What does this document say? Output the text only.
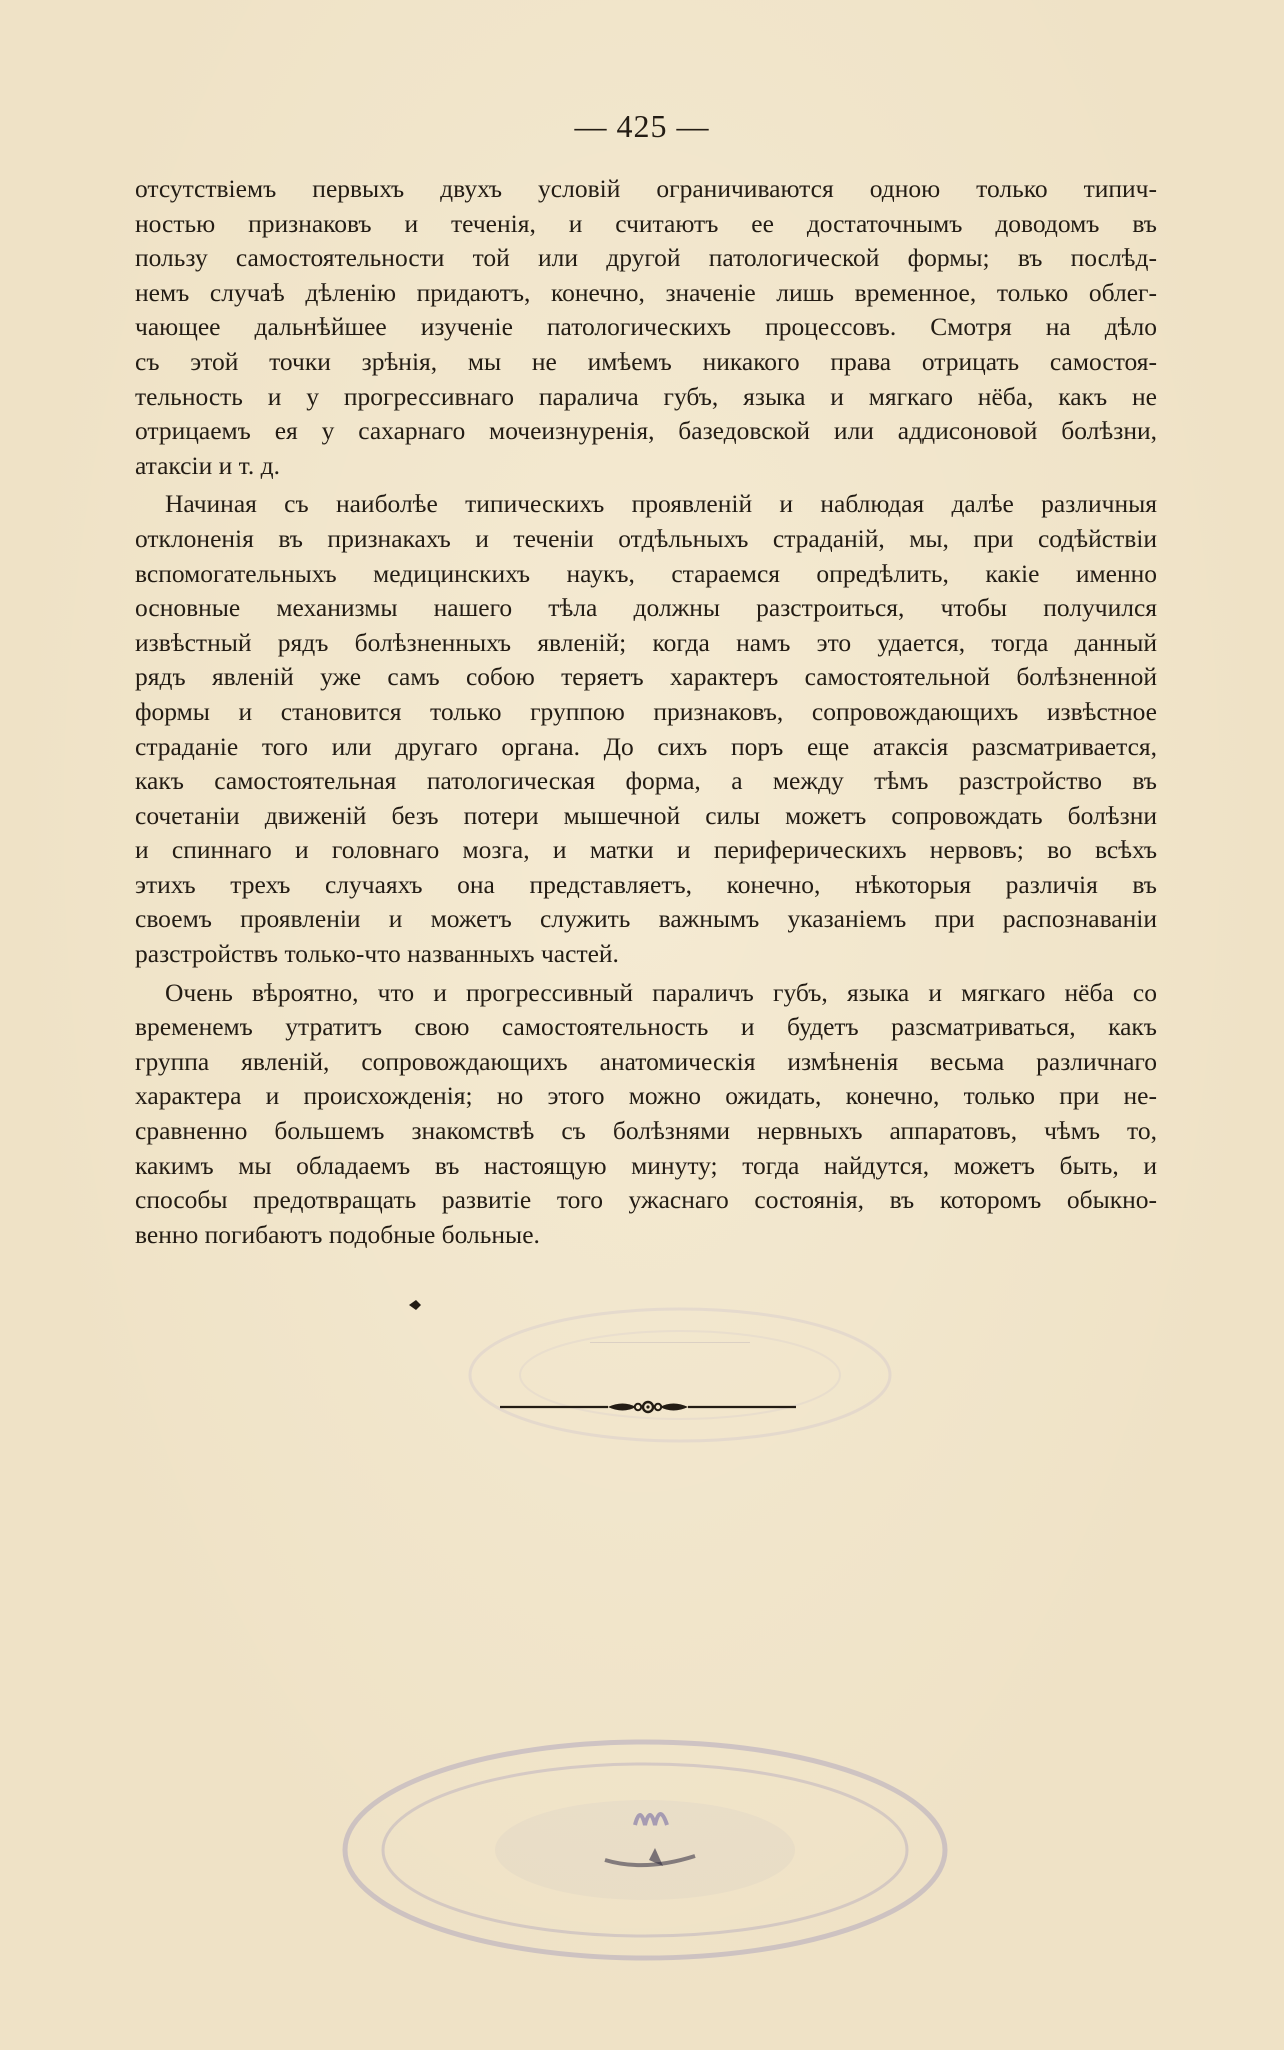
— 425 —

отсутствіемъ первыхъ двухъ условій ограничиваются одною только типич-
ностью признаковъ и теченія, и считаютъ ее достаточнымъ доводомъ въ
пользу самостоятельности той или другой патологической формы; въ послѣд-
немъ случаѣ дѣленію придаютъ, конечно, значеніе лишь временное, только облег-
чающее дальнѣйшее изученіе патологическихъ процессовъ. Смотря на дѣло
съ этой точки зрѣнія, мы не имѣемъ никакого права отрицать самостоя-
тельность и у прогрессивнаго паралича губъ, языка и мягкаго нёба, какъ не
отрицаемъ ея у сахарнаго мочеизнуренія, базедовской или аддисоновой болѣзни,
атаксіи и т. д.

Начиная съ наиболѣе типическихъ проявленій и наблюдая далѣе различныя
отклоненія въ признакахъ и теченіи отдѣльныхъ страданій, мы, при содѣйствіи
вспомогательныхъ медицинскихъ наукъ, стараемся опредѣлить, какіе именно
основные механизмы нашего тѣла должны разстроиться, чтобы получился
извѣстный рядъ болѣзненныхъ явленій; когда намъ это удается, тогда данный
рядъ явленій уже самъ собою теряетъ характеръ самостоятельной болѣзненной
формы и становится только группою признаковъ, сопровождающихъ извѣстное
страданіе того или другаго органа. До сихъ поръ еще атаксія разсматривается,
какъ самостоятельная патологическая форма, а между тѣмъ разстройство въ
сочетаніи движеній безъ потери мышечной силы можетъ сопровождать болѣзни
и спиннаго и головнаго мозга, и матки и периферическихъ нервовъ; во всѣхъ
этихъ трехъ случаяхъ она представляетъ, конечно, нѣкоторыя различія въ
своемъ проявленіи и можетъ служить важнымъ указаніемъ при распознаваніи
разстройствъ только-что названныхъ частей.

Очень вѣроятно, что и прогрессивный параличъ губъ, языка и мягкаго нёба со
временемъ утратитъ свою самостоятельность и будетъ разсматриваться, какъ
группа явленій, сопровождающихъ анатомическія измѣненія весьма различнаго
характера и происхожденія; но этого можно ожидать, конечно, только при не-
сравненно большемъ знакомствѣ съ болѣзнями нервныхъ аппаратовъ, чѣмъ то,
какимъ мы обладаемъ въ настоящую минуту; тогда найдутся, можетъ быть, и
способы предотвращать развитіе того ужаснаго состоянія, въ которомъ обыкно-
венно погибаютъ подобные больные.
